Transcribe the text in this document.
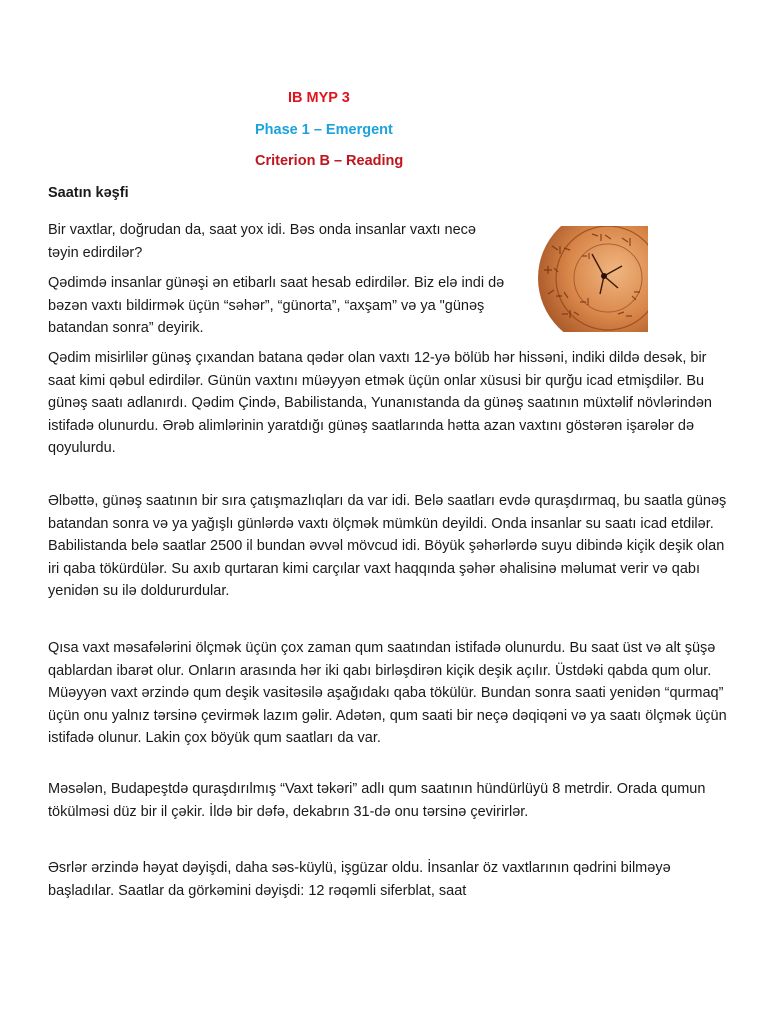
IB MYP 3
Phase 1 – Emergent
Criterion B – Reading
Saatın kəşfi
Bir vaxtlar, doğrudan da, saat yox idi. Bəs onda insanlar vaxtı necə təyin edirdilər?
Qədimdə insanlar günəşi ən etibarlı saat hesab edirdilər. Biz elə indi də bəzən vaxtı bildirmək üçün “səhər”, “günorta”, “axşam” və ya "günəş batandan sonra” deyirik.
Qədim misirlilər günəş çıxandan batana qədər olan vaxtı 12-yə bölüb hər hissəni, indiki dildə desək, bir saat kimi qəbul edirdilər. Günün vaxtını müəyyən etmək üçün onlar xüsusi bir qurğu icad etmişdilər. Bu günəş saatı adlanırdı. Qədim Çində, Babilistanda, Yunanıstanda da günəş saatının müxtəlif növlərindən istifadə olunurdu. Ərəb alimlərinin yaratdığı günəş saatlarında hətta azan vaxtını göstərən işarələr də qoyulurdu.
Əlbəttə, günəş saatının bir sıra çatışmazlıqları da var idi. Belə saatları evdə quraşdırmaq, bu saatla günəş batandan sonra və ya yağışlı günlərdə vaxtı ölçmək mümkün deyildi. Onda insanlar su saatı icad etdilər. Babilistanda belə saatlar 2500 il bundan əvvəl mövcud idi. Böyük şəhərlərdə suyu dibində kiçik deşik olan iri qaba tökürdülər. Su axıb qurtaran kimi carçılar vaxt haqqında şəhər əhalisinə məlumat verir və qabı yenidən su ilə doldururdular.
Qısa vaxt məsafələrini ölçmək üçün çox zaman qum saatından istifadə olunurdu. Bu saat üst və alt şüşə qablardan ibarət olur. Onların arasında hər iki qabı birləşdirən kiçik deşik açılır. Üstdəki qabda qum olur. Müəyyən vaxt ərzində qum deşik vasitəsilə aşağıdakı qaba tökülür. Bundan sonra saati yenidən “qurmaq” üçün onu yalnız tərsinə çevirmək lazım gəlir. Adətən, qum saati bir neçə dəqiqəni və ya saatı ölçmək üçün istifadə olunur. Lakin çox böyük qum saatları da var.
Məsələn, Budapeştdə quraşdırılmış “Vaxt təkəri” adlı qum saatının hündürlüyü 8 metrdir. Orada qumun tökülməsi düz bir il çəkir. İldə bir dəfə, dekabrın 31-də onu tərsinə çevirirlər.
Əsrlər ərzində həyat dəyişdi, daha səs-küylü, işgüzar oldu. İnsanlar öz vaxtlarının qədrini bilməyə başladılar. Saatlar da görkəmini dəyişdi: 12 rəqəmli siferblat, saat
